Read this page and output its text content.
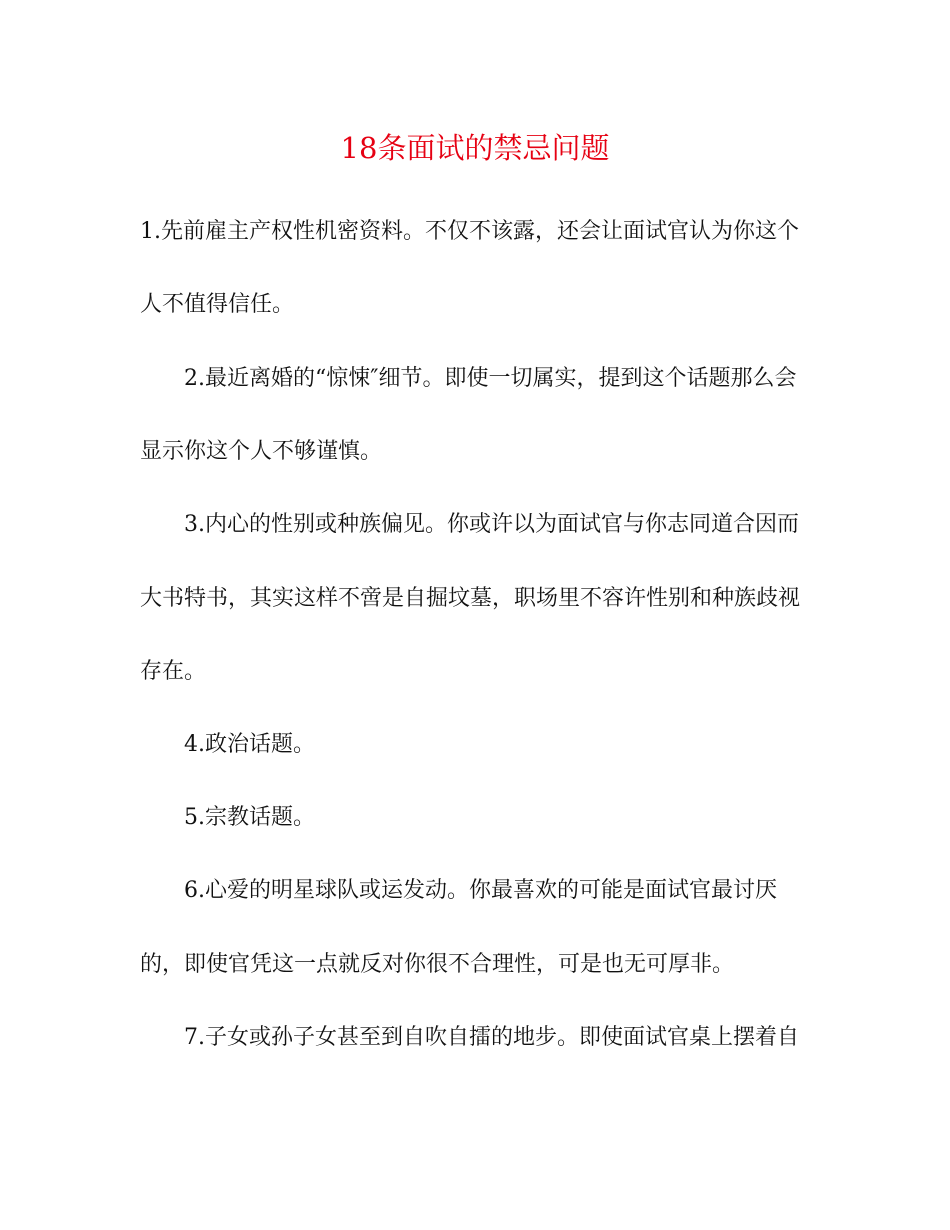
18条面试的禁忌问题
1.先前雇主产权性机密资料。不仅不该露，还会让面试官认为你这个
人不值得信任。
2.最近离婚的“惊悚″细节。即使一切属实，提到这个话题那么会
显示你这个人不够谨慎。
3.内心的性别或种族偏见。你或许以为面试官与你志同道合因而
大书特书，其实这样不啻是自掘坟墓，职场里不容许性别和种族歧视
存在。
4.政治话题。
5.宗教话题。
6.心爱的明星球队或运发动。你最喜欢的可能是面试官最讨厌
的，即使官凭这一点就反对你很不合理性，可是也无可厚非。
7.子女或孙子女甚至到自吹自擂的地步。即使面试官桌上摆着自
